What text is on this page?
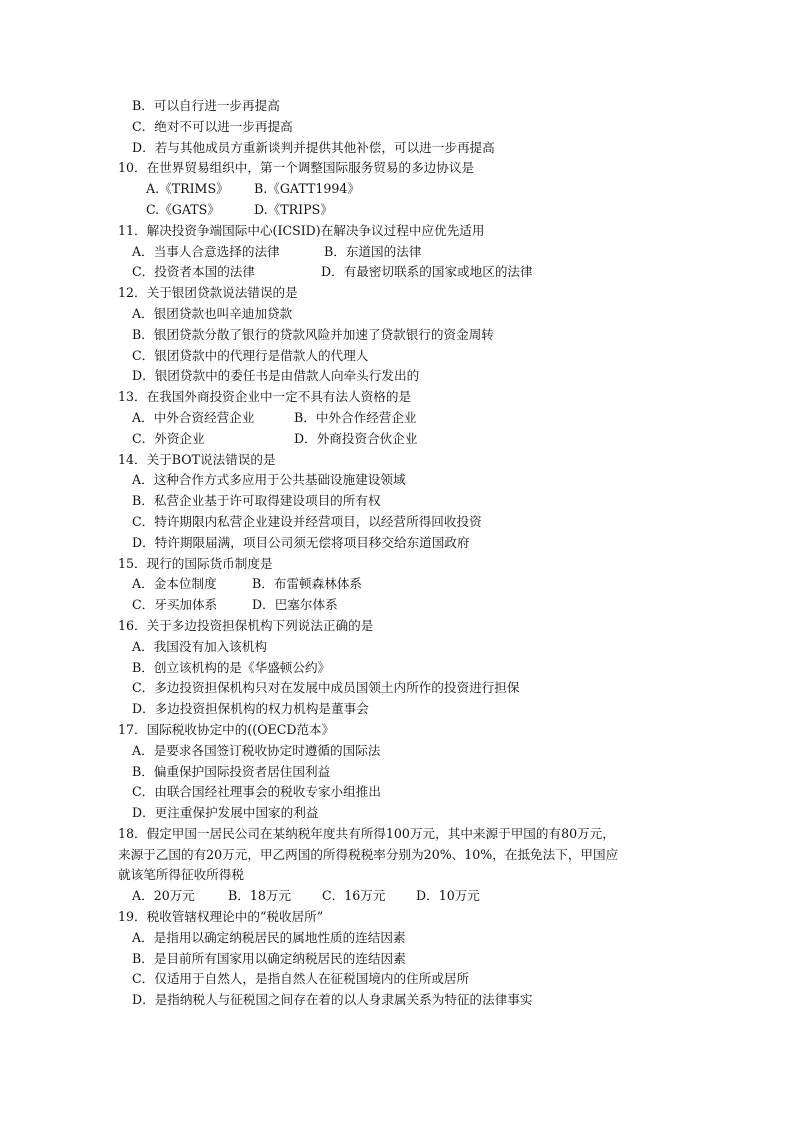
B．可以自行进一步再提高
C．绝对不可以进一步再提高
D．若与其他成员方重新谈判并提供其他补偿，可以进一步再提高
10．在世界贸易组织中，第一个调整国际服务贸易的多边协议是
A.《TRIMS》 B.《GATT1994》
C.《GATS》	D.《TRIPS》
11．解决投资争端国际中心(ICSID)在解决争议过程中应优先适用
A．当事人合意选择的法律	B．东道国的法律
C．投资者本国的法律	D．有最密切联系的国家或地区的法律
12．关于银团贷款说法错误的是
A．银团贷款也叫辛迪加贷款
B．银团贷款分散了银行的贷款风险并加速了贷款银行的资金周转
C．银团贷款中的代理行是借款人的代理人
D．银团贷款中的委任书是由借款人向牵头行发出的
13．在我国外商投资企业中一定不具有法人资格的是
A．中外合资经营企业	B．中外合作经营企业
C．外资企业	D．外商投资合伙企业
14．关于BOT说法错误的是
A．这种合作方式多应用于公共基础设施建设领域
B．私营企业基于许可取得建设项目的所有权
C．特许期限内私营企业建设并经营项目，以经营所得回收投资
D．特许期限届满，项目公司须无偿将项目移交给东道国政府
15．现行的国际货币制度是
A．金本位制度	B．布雷顿森林体系
C．牙买加体系	D．巴塞尔体系
16．关于多边投资担保机构下列说法正确的是
A．我国没有加入该机构
B．创立该机构的是《华盛顿公约》
C．多边投资担保机构只对在发展中成员国领土内所作的投资进行担保
D．多边投资担保机构的权力机构是董事会
17．国际税收协定中的((OECD范本》
A．是要求各国签订税收协定时遵循的国际法
B．偏重保护国际投资者居住国利益
C．由联合国经社理事会的税收专家小组推出
D．更注重保护发展中国家的利益
18．假定甲国一居民公司在某纳税年度共有所得100万元，其中来源于甲国的有80万元，
来源于乙国的有20万元，甲乙两国的所得税税率分别为20%、10%，在抵免法下，甲国应
就该笔所得征收所得税
A．20万元	B．18万元 C．16万元 D．10万元
19．税收管辖权理论中的“税收居所”
A．是指用以确定纳税居民的属地性质的连结因素
B．是目前所有国家用以确定纳税居民的连结因素
C．仅适用于自然人，是指自然人在征税国境内的住所或居所
D．是指纳税人与征税国之间存在着的以人身隶属关系为特征的法律事实
